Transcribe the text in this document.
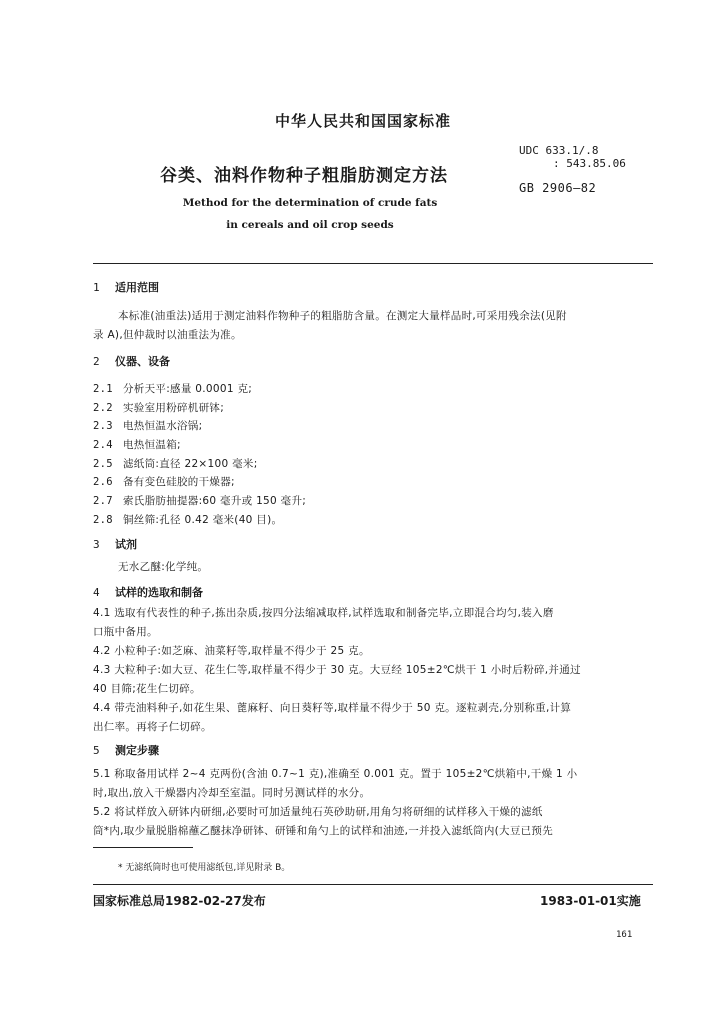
中华人民共和国国家标准
UDC 633.1/.8
: 543.85.06
GB 2906—82
谷类、油料作物种子粗脂肪测定方法
Method for the determination of crude fats
in cereals and oil crop seeds
1 适用范围
本标准(油重法)适用于测定油料作物种子的粗脂肪含量。在测定大量样品时,可采用残余法(见附
录 A),但仲裁时以油重法为准。
2 仪器、设备
2.1 分析天平:感量 0.0001 克;
2.2 实验室用粉碎机研钵;
2.3 电热恒温水浴锅;
2.4 电热恒温箱;
2.5 滤纸筒:直径 22×100 毫米;
2.6 备有变色硅胶的干燥器;
2.7 索氏脂肪抽提器:60 毫升或 150 毫升;
2.8 铜丝筛:孔径 0.42 毫米(40 目)。
3 试剂
无水乙醚:化学纯。
4 试样的选取和制备
4.1 选取有代表性的种子,拣出杂质,按四分法缩减取样,试样选取和制备完毕,立即混合均匀,装入磨
口瓶中备用。
4.2 小粒种子:如芝麻、油菜籽等,取样量不得少于 25 克。
4.3 大粒种子:如大豆、花生仁等,取样量不得少于 30 克。大豆经 105±2℃烘干 1 小时后粉碎,并通过
40 目筛;花生仁切碎。
4.4 带壳油料种子,如花生果、蓖麻籽、向日葵籽等,取样量不得少于 50 克。逐粒剥壳,分别称重,计算
出仁率。再将子仁切碎。
5 测定步骤
5.1 称取备用试样 2~4 克两份(含油 0.7~1 克),准确至 0.001 克。置于 105±2℃烘箱中,干燥 1 小
时,取出,放入干燥器内冷却至室温。同时另测试样的水分。
5.2 将试样放入研钵内研细,必要时可加适量纯石英砂助研,用角匀将研细的试样移入干燥的滤纸
筒*内,取少量脱脂棉蘸乙醚抹净研钵、研锤和角勺上的试样和油迹,一并投入滤纸筒内(大豆已预先
* 无滤纸筒时也可使用滤纸包,详见附录 B。
国家标准总局1982-02-27发布	1983-01-01实施
161
